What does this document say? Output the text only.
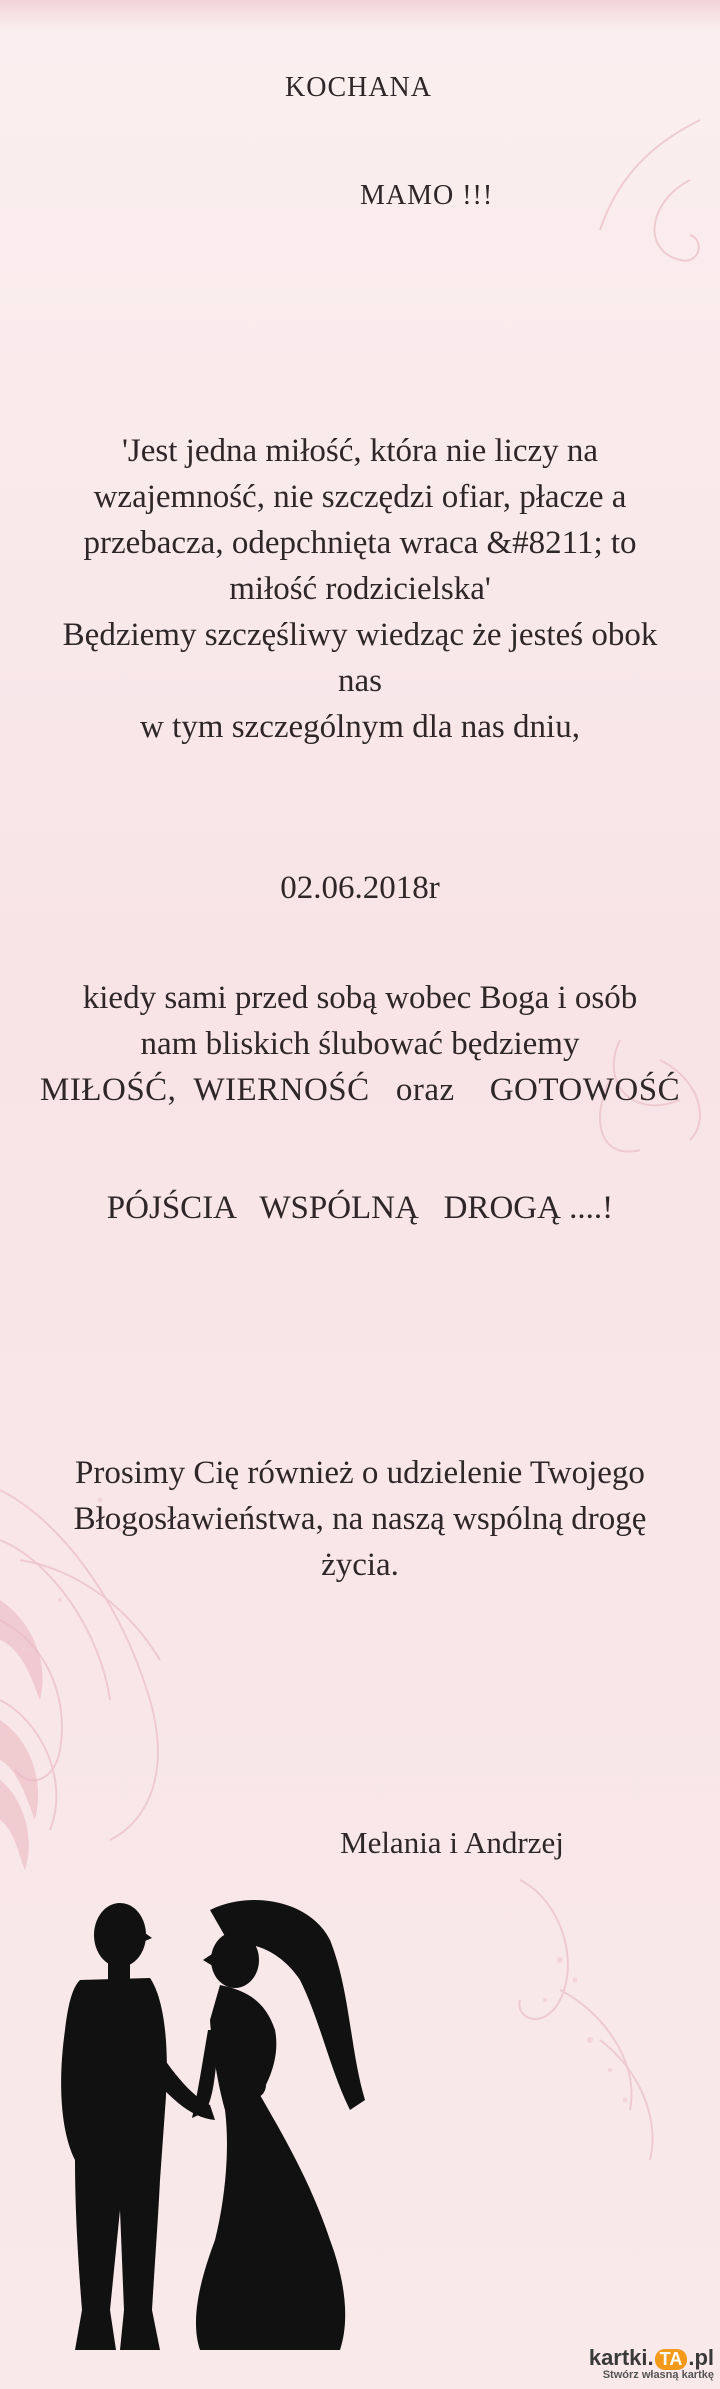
KOCHANA
MAMO !!!
'Jest jedna miłość, która nie liczy na
wzajemność, nie szczędzi ofiar, płacze a
przebacza, odepchnięta wraca &#8211; to
miłość rodzicielska'
Będziemy szczęśliwy wiedząc że jesteś obok
nas
w tym szczególnym dla nas dniu,
02.06.2018r
kiedy sami przed sobą wobec Boga i osób
nam bliskich ślubować będziemy
MIŁOŚĆ,  WIERNOŚĆ   oraz    GOTOWOŚĆ
PÓJŚCIA   WSPÓLNĄ   DROGĄ ....!
Prosimy Cię również o udzielenie Twojego
Błogosławieństwa, na naszą wspólną drogę
życia.
Melania i Andrzej
kartki. TA .pl
Stwórz własną kartkę
